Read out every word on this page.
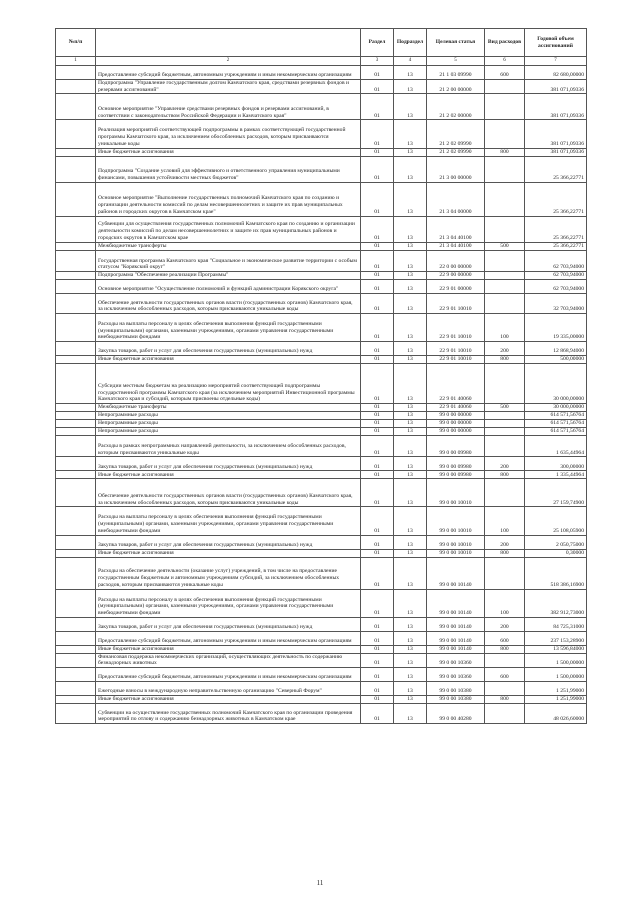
№п/п		Раздел	Подраздел	Целевая статья	Вид расходов	Годовой объем ассигнований
1	2	3	4	5	6	7
	Предоставление субсидий бюджетным, автономным учреждениям и иным некоммерческим организациям	01	13	21 1 03 09990	600	82 680,00000
	Подпрограмма "Управление государственным долгом Камчатского края, средствами резервных фондов и резервами ассигнований"	01	13	21 2 00 00000		381 071,09336
	Основное мероприятие "Управление средствами резервных фондов и резервами ассигнований, в соответствии с законодательством Российской Федерации и Камчатского края"	01	13	21 2 02 00000		381 071,09336
	Реализация мероприятий соответствующей подпрограммы в рамках соответствующей государственной программы Камчатского края, за исключением обособленных расходов, которым присваиваются уникальные коды	01	13	21 2 02 09990		381 071,09336
	Иные бюджетные ассигнования	01	13	21 2 02 09990	800	381 071,09336
	Подпрограмма "Создание условий для эффективного и ответственного управления муниципальными финансами, повышения устойчивости местных бюджетов"	01	13	21 3 00 00000		25 366,22771
	Основное мероприятие "Выполнение государственных полномочий Камчатского края по созданию и организации деятельности комиссий по делам несовершеннолетних и защите их прав муниципальных районов и городских округов в Камчатском крае"	01	13	21 3 04 00000		25 366,22771
	Субвенции для осуществления государственных полномочий Камчатского края по созданию и организации деятельности комиссий по делам несовершеннолетних и защите их прав муниципальных районов и городских округов в Камчатском крае	01	13	21 3 04 40100		25 366,22771
	Межбюджетные трансферты	01	13	21 3 04 40100	500	25 366,22771
	Государственная программа Камчатского края "Социальное и экономическое развитие территории с особым статусом "Корякский округ"	01	13	22 0 00 00000		62 703,94000
	Подпрограмма "Обеспечение реализации Программы"	01	13	22 9 00 00000		62 703,94000
	Основное мероприятие "Осуществление полномочий и функций администрации Корякского округа"	01	13	22 9 01 00000		62 703,94000
	Обеспечение деятельности государственных органов власти (государственных органов) Камчатского края, за исключением обособленных расходов, которым присваиваются уникальные коды	01	13	22 9 01 10010		32 703,94000
	Расходы на выплаты персоналу в целях обеспечения выполнения функций государственными (муниципальными) органами, казенными учреждениями, органами управления государственными внебюджетными фондами	01	13	22 9 01 10010	100	19 335,00000
	Закупка товаров, работ и услуг для обеспечения государственных (муниципальных) нужд	01	13	22 9 01 10010	200	12 868,94000
	Иные бюджетные ассигнования	01	13	22 9 01 10010	800	500,00000
	Субсидии местным бюджетам на реализацию мероприятий соответствующей подпрограммы государственной программы Камчатского края (за исключением мероприятий Инвестиционной программы Камчатского края и субсидий, которым присвоены отдельные коды)	01	13	22 9 01 40060		30 000,00000
	Межбюджетные трансферты	01	13	22 9 01 40060	500	30 000,00000
	Непрограммные расходы	01	13	99 0 00 00000		614 571,56764
	Непрограммные расходы	01	13	99 0 00 00000		614 571,56764
	Непрограммные расходы	01	13	99 0 00 00000		614 571,56764
	Расходы в рамках непрограммных направлений деятельности, за исключением обособленных расходов, которым присваиваются уникальные коды	01	13	99 0 00 09980		1 635,44964
	Закупка товаров, работ и услуг для обеспечения государственных (муниципальных) нужд	01	13	99 0 00 09980	200	300,00000
	Иные бюджетные ассигнования	01	13	99 0 00 09980	800	1 335,44964
	Обеспечение деятельности государственных органов власти (государственных органов) Камчатского края, за исключением обособленных расходов, которым присваиваются уникальные коды	01	13	99 0 00 10010		27 159,74900
	Расходы на выплаты персоналу в целях обеспечения выполнения функций государственными (муниципальными) органами, казенными учреждениями, органами управления государственными внебюджетными фондами	01	13	99 0 00 10010	100	25 108,05900
	Закупка товаров, работ и услуг для обеспечения государственных (муниципальных) нужд	01	13	99 0 00 10010	200	2 050,75000
	Иные бюджетные ассигнования	01	13	99 0 00 10010	800	0,30000
	Расходы на обеспечение деятельности (оказание услуг) учреждений, в том числе на предоставление государственным бюджетным и автономным учреждениям субсидий, за исключением обособленных расходов, которым присваиваются уникальные коды	01	13	99 0 00 10140		518 386,16900
	Расходы на выплаты персоналу в целях обеспечения выполнения функций государственными (муниципальными) органами, казенными учреждениями, органами управления государственными внебюджетными фондами	01	13	99 0 00 10140	100	382 912,73000
	Закупка товаров, работ и услуг для обеспечения государственных (муниципальных) нужд	01	13	99 0 00 10140	200	84 725,31000
	Предоставление субсидий бюджетным, автономным учреждениям и иным некоммерческим организациям	01	13	99 0 00 10140	600	237 153,28900
	Иные бюджетные ассигнования	01	13	99 0 00 10140	800	13 596,84000
	Финансовая поддержка некоммерческих организаций, осуществляющих деятельность по содержанию безнадзорных животных	01	13	99 0 00 10360		1 500,00000
	Предоставление субсидий бюджетным, автономным учреждениям и иным некоммерческим организациям	01	13	99 0 00 10360	600	1 500,00000
	Ежегодные взносы в международную неправительственную организацию "Северный Форум"	01	13	99 0 00 10380		1 251,99000
	Иные бюджетные ассигнования	01	13	99 0 00 10380	800	1 251,99000
	Субвенции на осуществление государственных полномочий Камчатского края по организации проведения мероприятий по отлову и содержанию безнадзорных животных в Камчатском крае	01	13	99 0 00 40280		48 026,60000
11
